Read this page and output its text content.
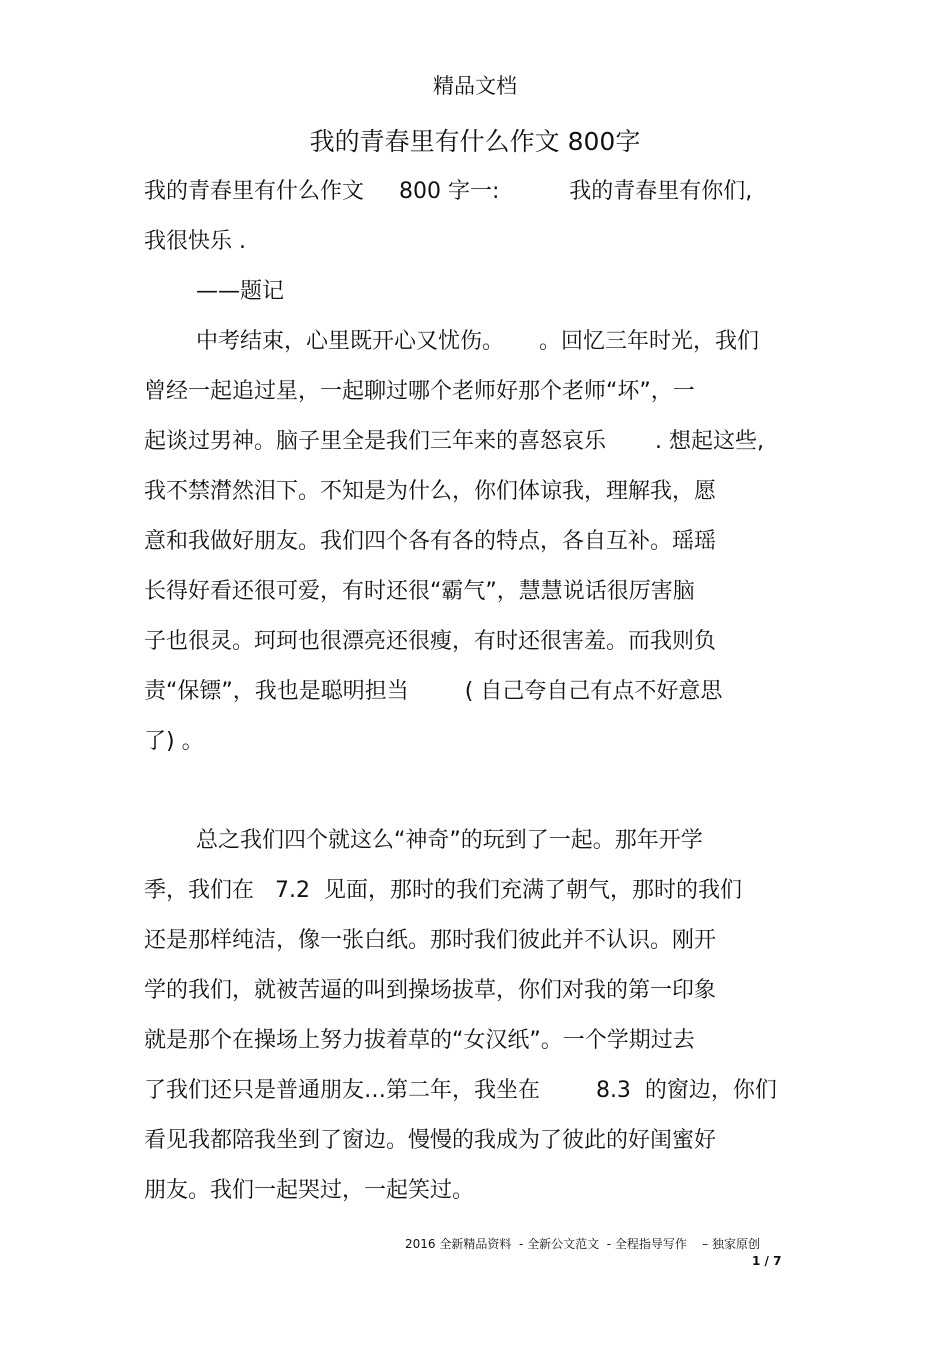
精品文档
我的青春里有什么作文 800字
我的青春里有什么作文     800 字一:          我的青春里有你们,
我很快乐 .
——题记
中考结束，心里既开心又忧伤。     。回忆三年时光，我们
曾经一起追过星，一起聊过哪个老师好那个老师“坏”，一
起谈过男神。脑子里全是我们三年来的喜怒哀乐       . 想起这些,
我不禁潸然泪下。不知是为什么，你们体谅我，理解我，愿
意和我做好朋友。我们四个各有各的特点，各自互补。瑶瑶
长得好看还很可爱，有时还很“霸气”，慧慧说话很厉害脑
子也很灵。珂珂也很漂亮还很瘦，有时还很害羞。而我则负
责“保镖”，我也是聪明担当        ( 自己夸自己有点不好意思
了) 。
总之我们四个就这么“神奇”的玩到了一起。那年开学
季，我们在   7.2  见面，那时的我们充满了朝气，那时的我们
还是那样纯洁，像一张白纸。那时我们彼此并不认识。刚开
学的我们，就被苦逼的叫到操场拔草，你们对我的第一印象
就是那个在操场上努力拔着草的“女汉纸”。一个学期过去
了我们还只是普通朋友…第二年，我坐在        8.3  的窗边，你们
看见我都陪我坐到了窗边。慢慢的我成为了彼此的好闺蜜好
朋友。我们一起哭过，一起笑过。
2016 全新精品资料  - 全新公文范文  - 全程指导写作    – 独家原创
1 / 7
